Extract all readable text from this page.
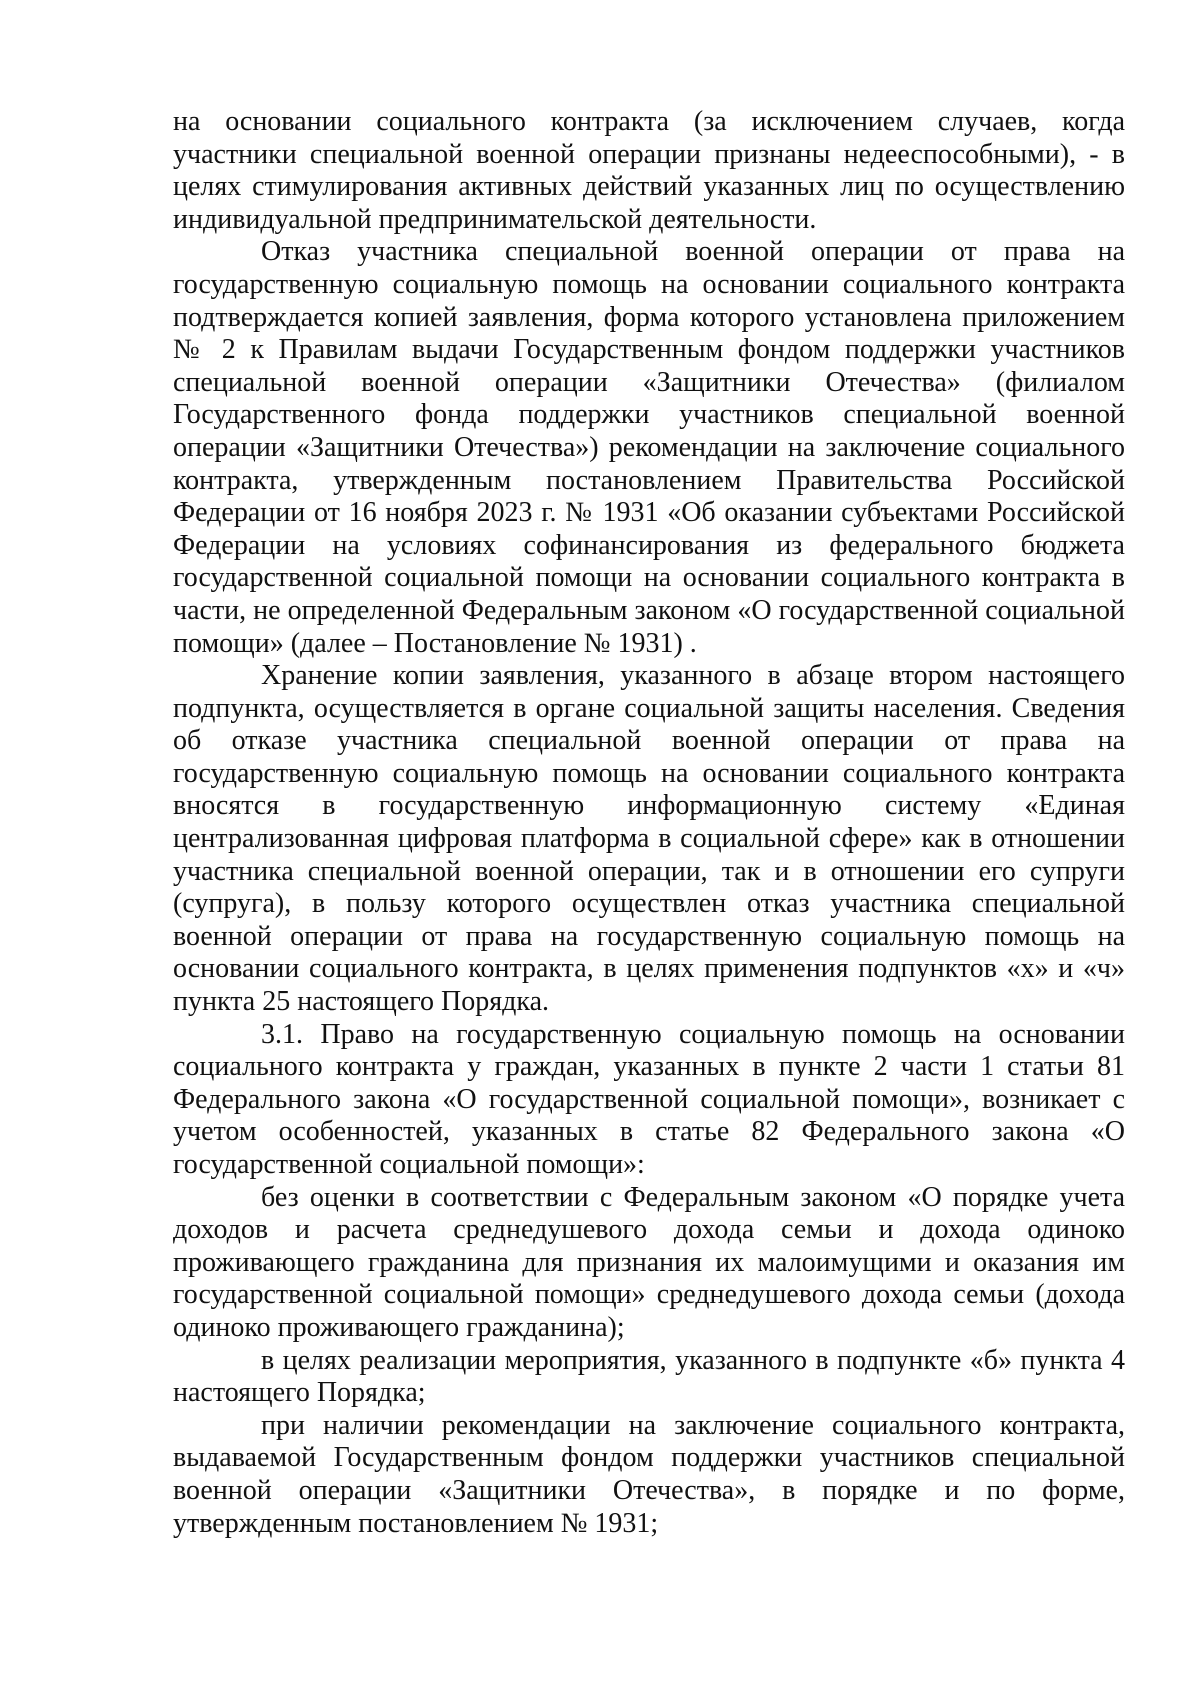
на основании социального контракта (за исключением случаев, когда участники специальной военной операции признаны недееспособными), - в целях стимулирования активных действий указанных лиц по осуществлению индивидуальной предпринимательской деятельности.

Отказ участника специальной военной операции от права на государственную социальную помощь на основании социального контракта подтверждается копией заявления, форма которого установлена приложением № 2 к Правилам выдачи Государственным фондом поддержки участников специальной военной операции «Защитники Отечества» (филиалом Государственного фонда поддержки участников специальной военной операции «Защитники Отечества») рекомендации на заключение социального контракта, утвержденным постановлением Правительства Российской Федерации от 16 ноября 2023 г. № 1931 «Об оказании субъектами Российской Федерации на условиях софинансирования из федерального бюджета государственной социальной помощи на основании социального контракта в части, не определенной Федеральным законом «О государственной социальной помощи» (далее – Постановление № 1931) .

Хранение копии заявления, указанного в абзаце втором настоящего подпункта, осуществляется в органе социальной защиты населения. Сведения об отказе участника специальной военной операции от права на государственную социальную помощь на основании социального контракта вносятся в государственную информационную систему «Единая централизованная цифровая платформа в социальной сфере» как в отношении участника специальной военной операции, так и в отношении его супруги (супруга), в пользу которого осуществлен отказ участника специальной военной операции от права на государственную социальную помощь на основании социального контракта, в целях применения подпунктов «х» и «ч» пункта 25 настоящего Порядка.

3.1. Право на государственную социальную помощь на основании социального контракта у граждан, указанных в пункте 2 части 1 статьи 81 Федерального закона «О государственной социальной помощи», возникает с учетом особенностей, указанных в статье 82 Федерального закона «О государственной социальной помощи»:

без оценки в соответствии с Федеральным законом «О порядке учета доходов и расчета среднедушевого дохода семьи и дохода одиноко проживающего гражданина для признания их малоимущими и оказания им государственной социальной помощи» среднедушевого дохода семьи (дохода одиноко проживающего гражданина);

в целях реализации мероприятия, указанного в подпункте «б» пункта 4 настоящего Порядка;

при наличии рекомендации на заключение социального контракта, выдаваемой Государственным фондом поддержки участников специальной военной операции «Защитники Отечества», в порядке и по форме, утвержденным постановлением № 1931;
